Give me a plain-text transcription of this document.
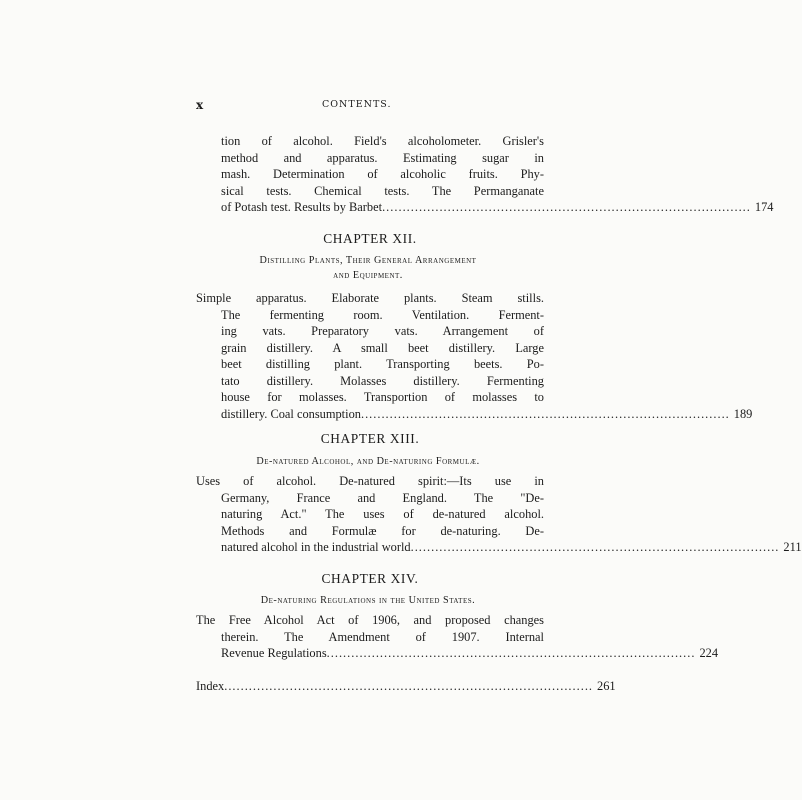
x	CONTENTS.
tion of alcohol. Field's alcoholometer. Grisler's
method and apparatus. Estimating sugar in
mash. Determination of alcoholic fruits. Phy-
sical tests. Chemical tests. The Permanganate
of Potash test. Results by Barbet .......................................................................................... 174
CHAPTER XII.
Distilling Plants, Their General Arrangement
and Equipment.
Simple apparatus. Elaborate plants. Steam stills.
The fermenting room. Ventilation. Ferment-
ing vats. Preparatory vats. Arrangement of
grain distillery. A small beet distillery. Large
beet distilling plant. Transporting beets. Po-
tato distillery. Molasses distillery. Fermenting
house for molasses. Transportion of molasses to
distillery. Coal consumption .......................................................................................... 189
CHAPTER XIII.
De-natured Alcohol, and De-naturing Formulæ.
Uses of alcohol. De-natured spirit:—Its use in
Germany, France and England. The "De-
naturing Act." The uses of de-natured alcohol.
Methods and Formulæ for de-naturing. De-
natured alcohol in the industrial world .......................................................................................... 211
CHAPTER XIV.
De-naturing Regulations in the United States.
The Free Alcohol Act of 1906, and proposed changes
therein. The Amendment of 1907. Internal
Revenue Regulations .......................................................................................... 224
Index .......................................................................................... 261
